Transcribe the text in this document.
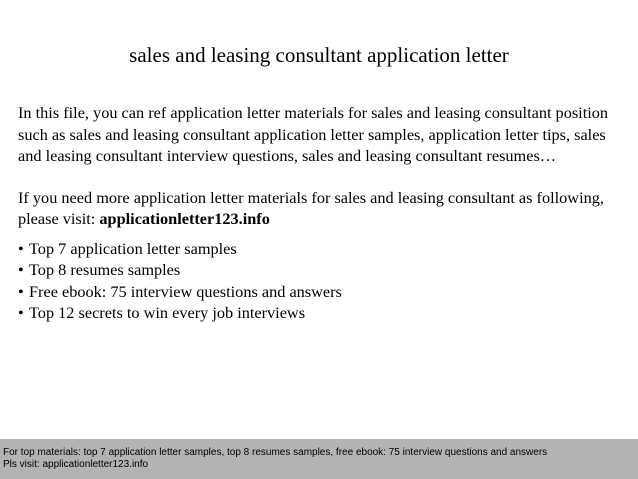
sales and leasing consultant application letter

In this file, you can ref application letter materials for sales and leasing consultant position such as sales and leasing consultant application letter samples, application letter tips, sales and leasing consultant interview questions, sales and leasing consultant resumes…

If you need more application letter materials for sales and leasing consultant as following, please visit: applicationletter123.info

• Top 7 application letter samples
• Top 8 resumes samples
• Free ebook: 75 interview questions and answers
• Top 12 secrets to win every job interviews
For top materials: top 7 application letter samples, top 8 resumes samples, free ebook: 75 interview questions and answers
Pls visit: applicationletter123.info
